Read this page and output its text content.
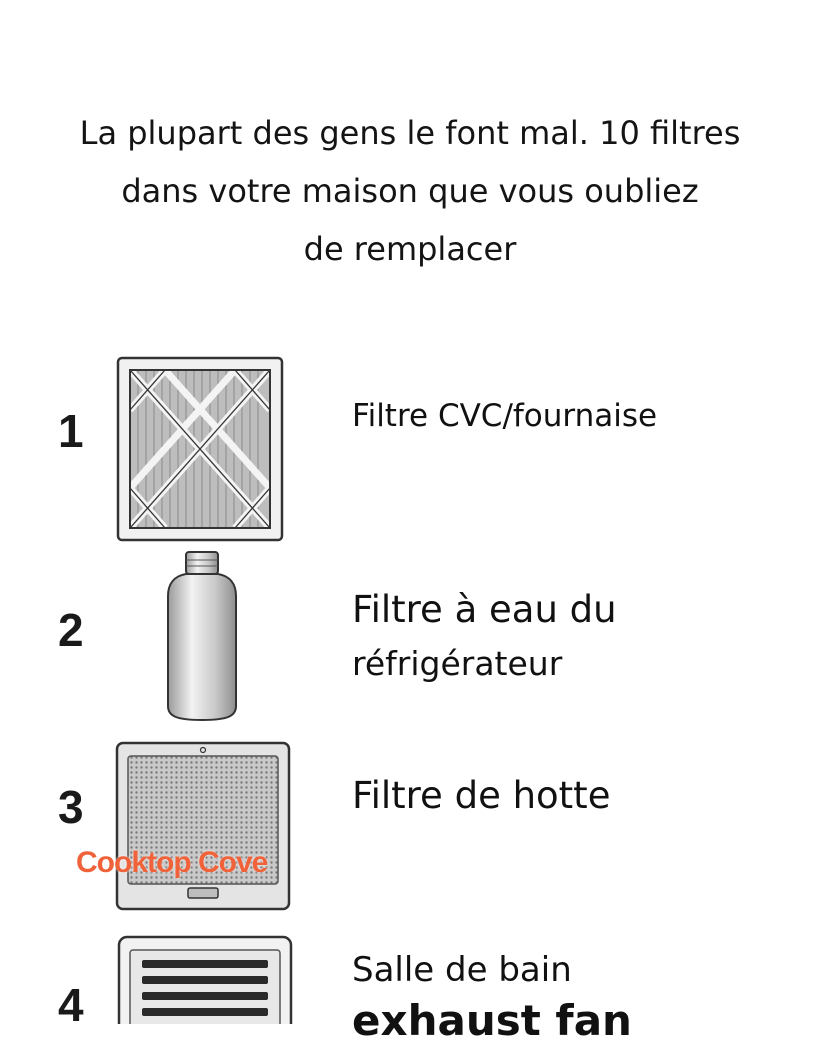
La plupart des gens le font mal. 10 filtres
dans votre maison que vous oubliez
de remplacer
1	Filtre CVC/fournaise
2	Filtre à eau du
réfrigérateur
3
Cooktop Cove
Filtre de hotte
4
Salle de bain
exhaust fan
